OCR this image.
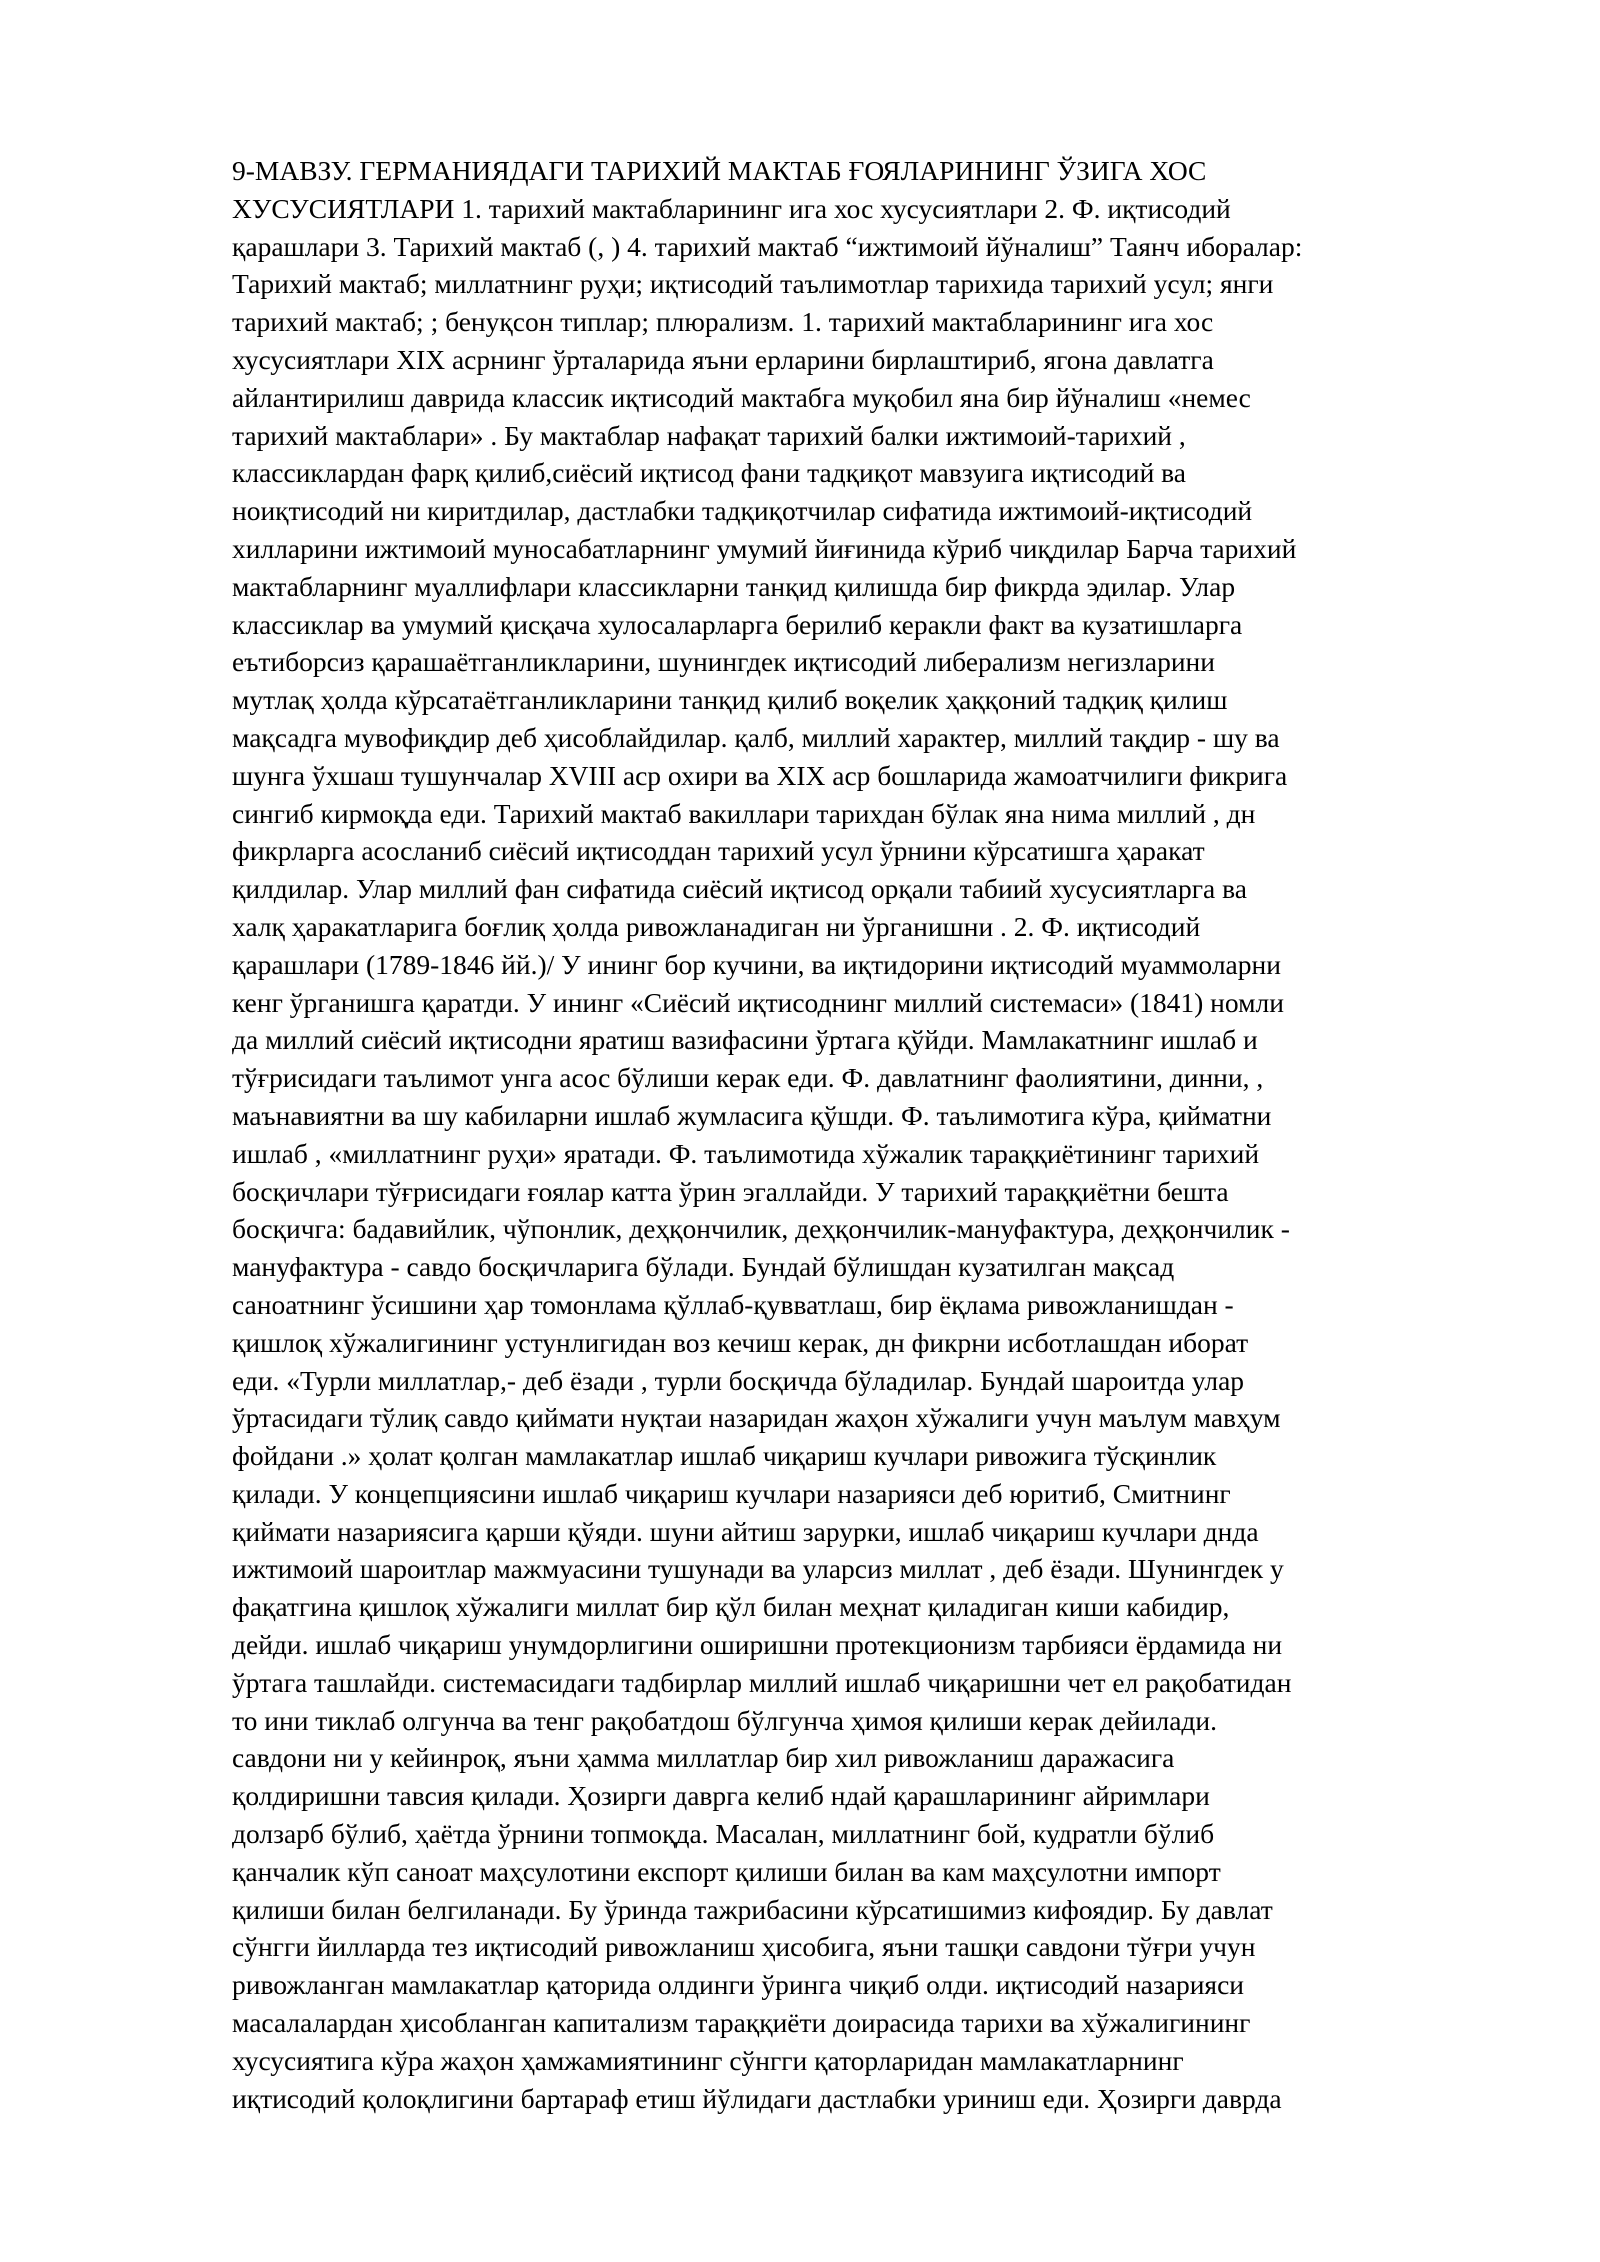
9-МАВЗУ. ГЕРМАНИЯДАГИ ТАРИХИЙ МАКТАБ ҒОЯЛАРИНИНГ ЎЗИГА ХОС
ХУСУСИЯТЛАРИ 1. тарихий мактабларининг ига хос хусусиятлари 2. Ф. иқтисодий
қарашлари 3. Тарихий мактаб (, ) 4. тарихий мактаб “ижтимоий йўналиш” Таянч иборалар:
Тарихий мактаб; миллатнинг руҳи; иқтисодий таълимотлар тарихида тарихий усул; янги
тарихий мактаб; ; бенуқсон типлар; плюрализм. 1. тарихий мактабларининг ига хос
хусусиятлари XIX асрнинг ўрталарида яъни ерларини бирлаштириб, ягона давлатга
айлантирилиш даврида классик иқтисодий мактабга муқобил яна бир йўналиш «немес
тарихий мактаблари» . Бу мактаблар нафақат тарихий балки ижтимоий-тарихий ,
классиклардан фарқ қилиб,сиёсий иқтисод фани тадқиқот мавзуига иқтисодий ва
ноиқтисодий ни киритдилар, дастлабки тадқиқотчилар сифатида ижтимоий-иқтисодий
хилларини ижтимоий муносабатларнинг умумий йиғинида кўриб чиқдилар Барча тарихий
мактабларнинг муаллифлари классикларни танқид қилишда бир фикрда эдилар. Улар
классиклар ва умумий қисқача хулосаларларга берилиб керакли факт ва кузатишларга
еътиборсиз қарашаётганликларини, шунингдек иқтисодий либерализм негизларини
мутлақ ҳолда кўрсатаётганликларини танқид қилиб воқелик ҳаққоний тадқиқ қилиш
мақсадга мувофиқдир деб ҳисоблайдилар. қалб, миллий характер, миллий тақдир - шу ва
шунга ўхшаш тушунчалар XVIII аср охири ва XIX аср бошларида жамоатчилиги фикрига
сингиб кирмоқда еди. Тарихий мактаб вакиллари тарихдан бўлак яна нима миллий , дн
фикрларга асосланиб сиёсий иқтисоддан тарихий усул ўрнини кўрсатишга ҳаракат
қилдилар. Улар миллий фан сифатида сиёсий иқтисод орқали табиий хусусиятларга ва
халқ ҳаракатларига боғлиқ ҳолда ривожланадиган ни ўрганишни . 2. Ф. иқтисодий
қарашлари (1789-1846 йй.)/ У ининг бор кучини, ва иқтидорини иқтисодий муаммоларни
кенг ўрганишга қаратди. У ининг «Сиёсий иқтисоднинг миллий системаси» (1841) номли
да миллий сиёсий иқтисодни яратиш вазифасини ўртага қўйди. Мамлакатнинг ишлаб и
тўғрисидаги таълимот унга асос бўлиши керак еди. Ф. давлатнинг фаолиятини, динни, ,
маънавиятни ва шу кабиларни ишлаб жумласига қўшди. Ф. таълимотига кўра, қийматни
ишлаб , «миллатнинг руҳи» яратади. Ф. таълимотида хўжалик тараққиётининг тарихий
босқичлари тўғрисидаги ғоялар катта ўрин эгаллайди. У тарихий тараққиётни бешта
босқичга: бадавийлик, чўпонлик, деҳқончилик, деҳқончилик-мануфактура, деҳқончилик -
мануфактура - савдо босқичларига бўлади. Бундай бўлишдан кузатилган мақсад
саноатнинг ўсишини ҳар томонлама қўллаб-қувватлаш, бир ёқлама ривожланишдан -
қишлоқ хўжалигининг устунлигидан воз кечиш керак, дн фикрни исботлашдан иборат
еди. «Турли миллатлар,- деб ёзади , турли босқичда бўладилар. Бундай шароитда улар
ўртасидаги тўлиқ савдо қиймати нуқтаи назаридан жаҳон хўжалиги учун маълум мавҳум
фойдани .» ҳолат қолган мамлакатлар ишлаб чиқариш кучлари ривожига тўсқинлик
қилади. У концепциясини ишлаб чиқариш кучлари назарияси деб юритиб, Смитнинг
қиймати назариясига қарши қўяди. шуни айтиш зарурки, ишлаб чиқариш кучлари днда
ижтимоий шароитлар мажмуасини тушунади ва уларсиз миллат , деб ёзади. Шунингдек у
фақатгина қишлоқ хўжалиги миллат бир қўл билан меҳнат қиладиган киши кабидир,
дейди. ишлаб чиқариш унумдорлигини оширишни протекционизм тарбияси ёрдамида ни
ўртага ташлайди. системасидаги тадбирлар миллий ишлаб чиқаришни чет ел рақобатидан
то ини тиклаб олгунча ва тенг рақобатдош бўлгунча ҳимоя қилиши керак дейилади.
савдони ни у кейинроқ, яъни ҳамма миллатлар бир хил ривожланиш даражасига
қолдиришни тавсия қилади. Ҳозирги даврга келиб ндай қарашларининг айримлари
долзарб бўлиб, ҳаётда ўрнини топмоқда. Масалан, миллатнинг бой, кудратли бўлиб
қанчалик кўп саноат маҳсулотини експорт қилиши билан ва кам маҳсулотни импорт
қилиши билан белгиланади. Бу ўринда тажрибасини кўрсатишимиз кифоядир. Бу давлат
сўнгги йилларда тез иқтисодий ривожланиш ҳисобига, яъни ташқи савдони тўғри учун
ривожланган мамлакатлар қаторида олдинги ўринга чиқиб олди. иқтисодий назарияси
масалалардан ҳисобланган капитализм тараққиёти доирасида тарихи ва хўжалигининг
хусусиятига кўра жаҳон ҳамжамиятининг сўнгги қаторларидан мамлакатларнинг
иқтисодий қолоқлигини бартараф етиш йўлидаги дастлабки уриниш еди. Ҳозирги даврда
